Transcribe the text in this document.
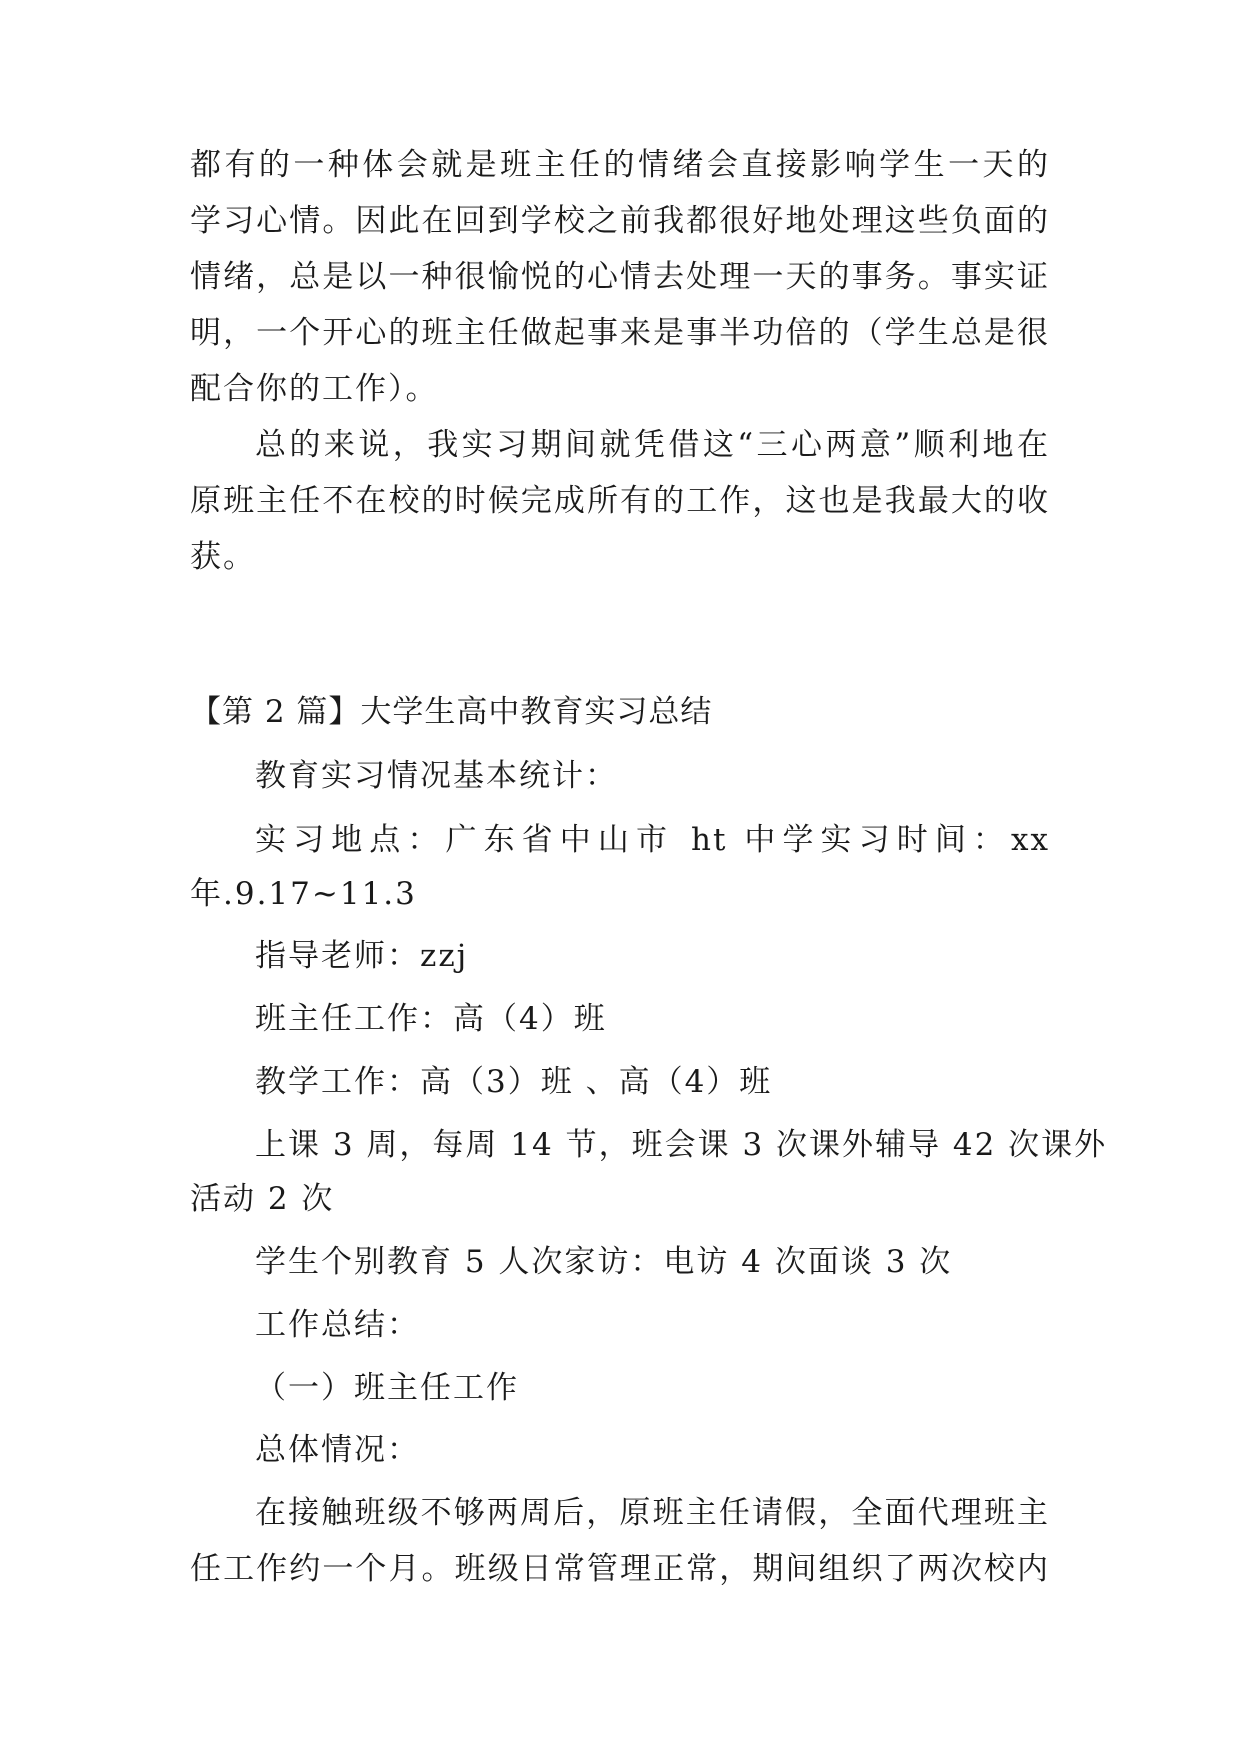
都有的一种体会就是班主任的情绪会直接影响学生一天的
学习心情。因此在回到学校之前我都很好地处理这些负面的
情绪，总是以一种很愉悦的心情去处理一天的事务。事实证
明，一个开心的班主任做起事来是事半功倍的（学生总是很
配合你的工作）。
总的来说，我实习期间就凭借这“三心两意”顺利地在
原班主任不在校的时候完成所有的工作，这也是我最大的收
获。
【第 2 篇】大学生高中教育实习总结
教育实习情况基本统计：
实习地点：广东省中山市 ht 中学实习时间：xx
年.9.17~11.3
指导老师：zzj
班主任工作：高（4）班
教学工作：高（3）班 、高（4）班
上课 3 周，每周 14 节，班会课 3 次课外辅导 42 次课外
活动 2 次
学生个别教育 5 人次家访：电访 4 次面谈 3 次
工作总结：
（一）班主任工作
总体情况：
在接触班级不够两周后，原班主任请假，全面代理班主
任工作约一个月。班级日常管理正常，期间组织了两次校内
